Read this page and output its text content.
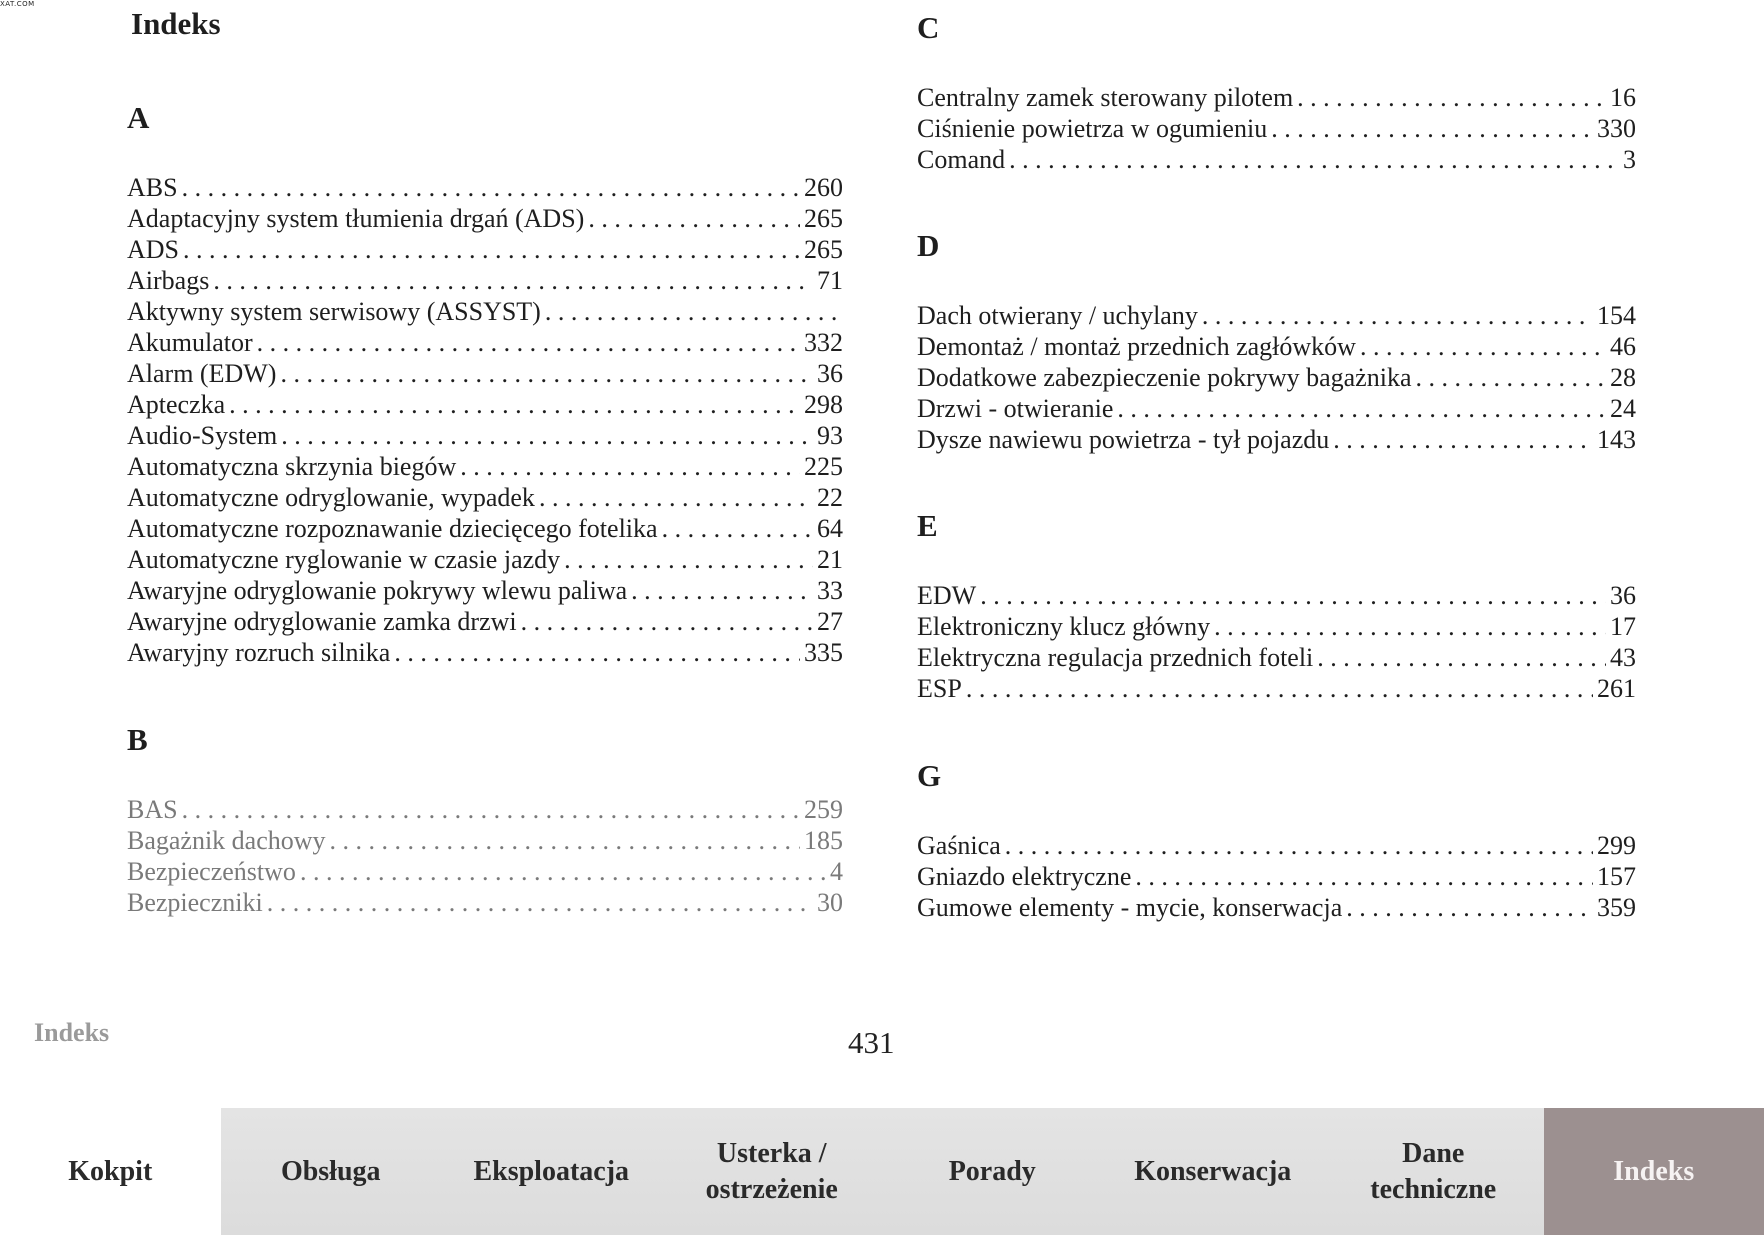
XAT.COM
Indeks
A
ABS . . .	260
Adaptacyjny system tłumienia drgań (ADS) . . .	265
ADS . . .	265
Airbags . . .	71
Aktywny system serwisowy (ASSYST)
. . .
Akumulator . . .	332
Alarm (EDW) . . .	36
Apteczka . . .	298
Audio-System . . .	93
Automatyczna skrzynia biegów . . .	225
Automatyczne odryglowanie, wypadek . . .	22
Automatyczne rozpoznawanie dziecięcego fotelika . . .	64
Automatyczne ryglowanie w czasie jazdy . . .	21
Awaryjne odryglowanie pokrywy wlewu paliwa . . .	33
Awaryjne odryglowanie zamka drzwi . . .	27
Awaryjny rozruch silnika . . .	335
B
BAS . . .	259
Bagażnik dachowy . . .	185
Bezpieczeństwo . . .	4
Bezpieczniki . . .	30
C
Centralny zamek sterowany pilotem . . .	16
Ciśnienie powietrza w ogumieniu . . .	330
Comand . . .	3
D
Dach otwierany / uchylany . . .	154
Demontaż / montaż przednich zagłówków . . .	46
Dodatkowe zabezpieczenie pokrywy bagażnika . . .	28
Drzwi - otwieranie . . .	24
Dysze nawiewu powietrza - tył pojazdu . . .	143
E
EDW . . .	36
Elektroniczny klucz główny . . .	17
Elektryczna regulacja przednich foteli . . .	43
ESP . . .	261
G
Gaśnica . . .	299
Gniazdo elektryczne . . .	157
Gumowe elementy - mycie, konserwacja . . .	359
Indeks	431
Kokpit	Obsługa	Eksploatacja
Usterka /
ostrzeżenie
Porady	Konserwacja
Dane
techniczne
Indeks
